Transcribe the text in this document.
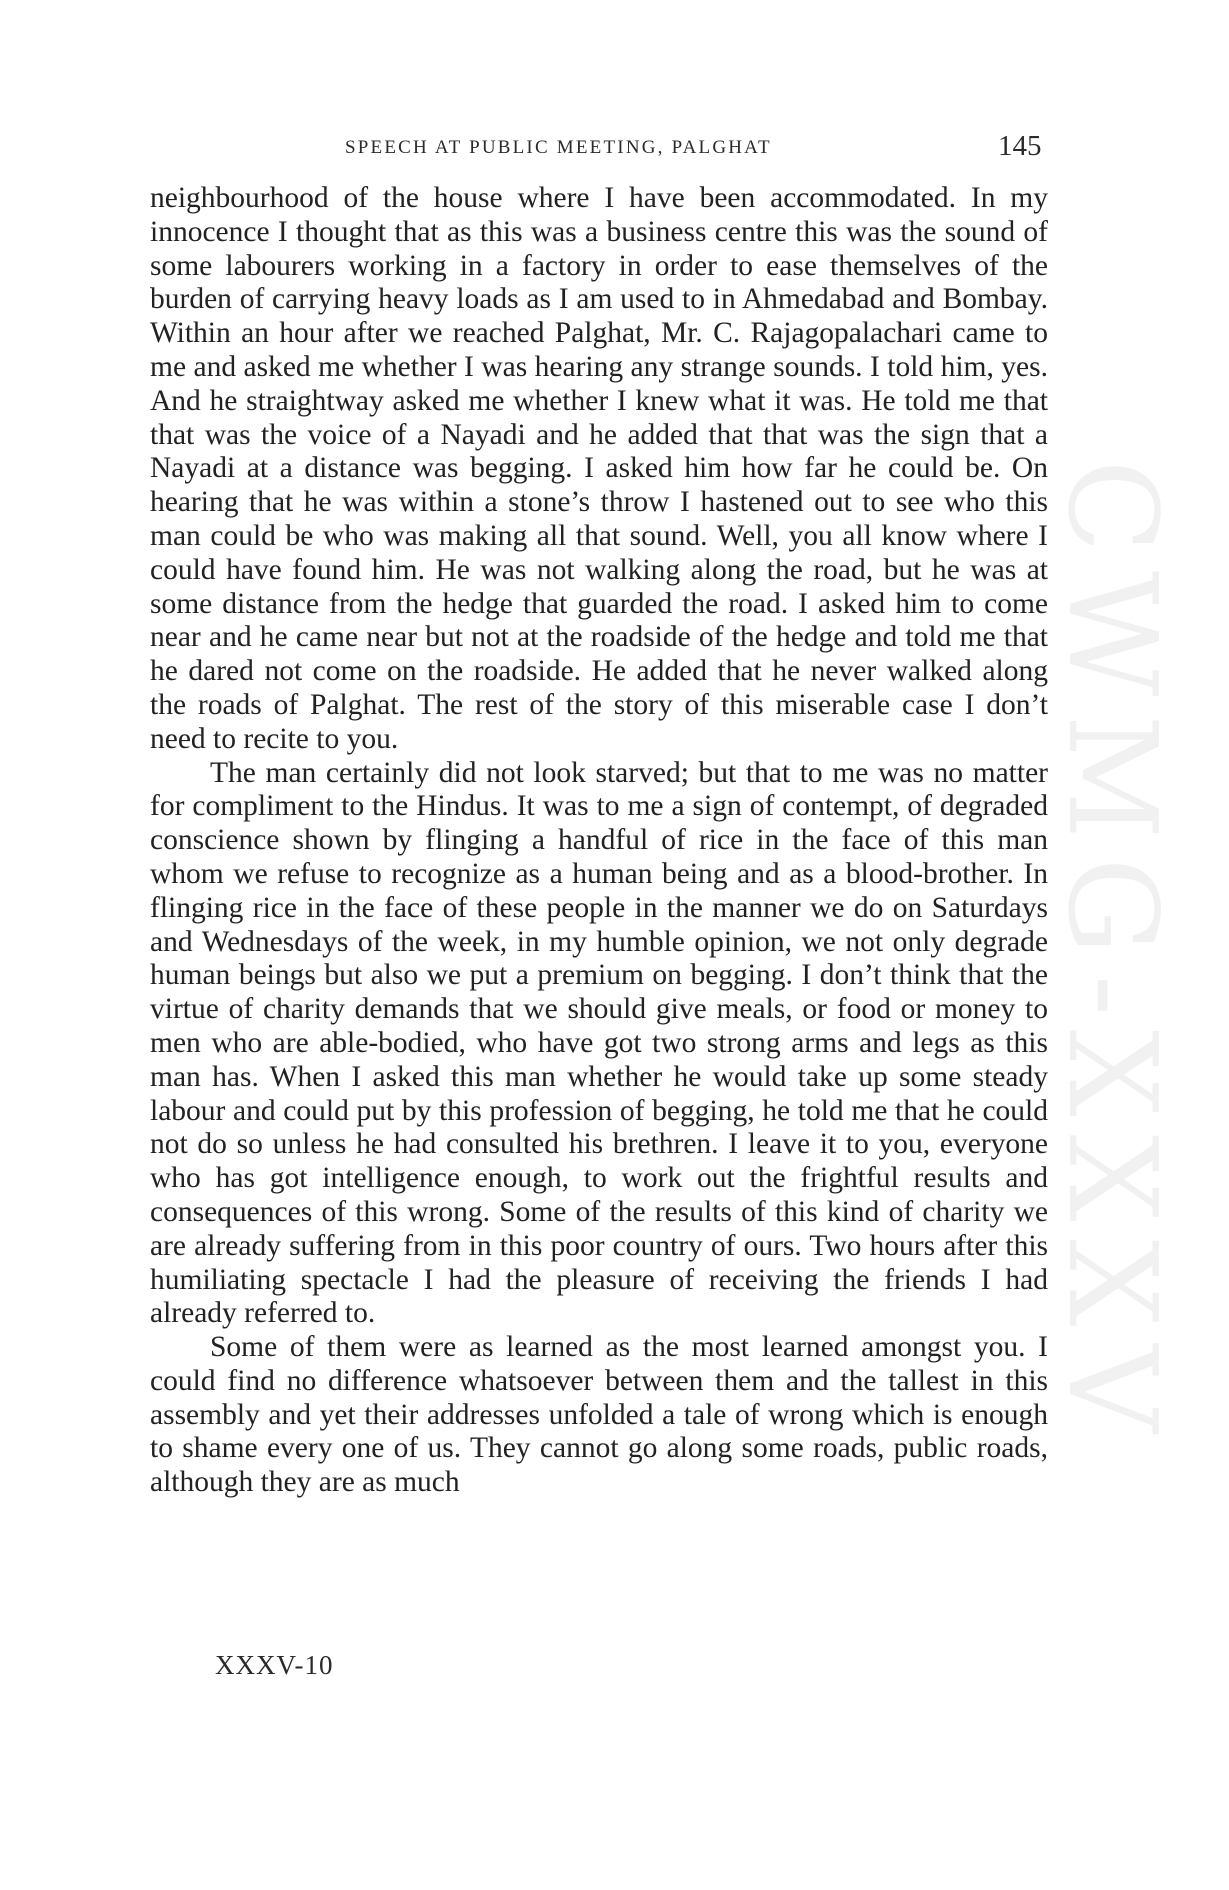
SPEECH AT PUBLIC MEETING, PALGHAT	145

neighbourhood of the house where I have been accommodated. In my innocence I thought that as this was a business centre this was the sound of some labourers working in a factory in order to ease themselves of the burden of carrying heavy loads as I am used to in Ahmedabad and Bombay. Within an hour after we reached Palghat, Mr. C. Rajagopalachari came to me and asked me whether I was hearing any strange sounds. I told him, yes. And he straightway asked me whether I knew what it was. He told me that that was the voice of a Nayadi and he added that that was the sign that a Nayadi at a distance was begging. I asked him how far he could be. On hearing that he was within a stone’s throw I hastened out to see who this man could be who was making all that sound. Well, you all know where I could have found him. He was not walking along the road, but he was at some distance from the hedge that guarded the road. I asked him to come near and he came near but not at the roadside of the hedge and told me that he dared not come on the roadside. He added that he never walked along the roads of Palghat. The rest of the story of this miserable case I don’t need to recite to you.

The man certainly did not look starved; but that to me was no matter for compliment to the Hindus. It was to me a sign of contempt, of degraded conscience shown by flinging a handful of rice in the face of this man whom we refuse to recognize as a human being and as a blood-brother. In flinging rice in the face of these people in the manner we do on Saturdays and Wednesdays of the week, in my humble opinion, we not only degrade human beings but also we put a premium on begging. I don’t think that the virtue of charity demands that we should give meals, or food or money to men who are able-bodied, who have got two strong arms and legs as this man has. When I asked this man whether he would take up some steady labour and could put by this profession of begging, he told me that he could not do so unless he had consulted his brethren. I leave it to you, everyone who has got intelligence enough, to work out the frightful results and consequences of this wrong. Some of the results of this kind of charity we are already suffering from in this poor country of ours. Two hours after this humiliating spectacle I had the pleasure of receiving the friends I had already referred to.

Some of them were as learned as the most learned amongst you. I could find no difference whatsoever between them and the tallest in this assembly and yet their addresses unfolded a tale of wrong which is enough to shame every one of us. They cannot go along some roads, public roads, although they are as much

XXXV-10
CWMG-XXXV
